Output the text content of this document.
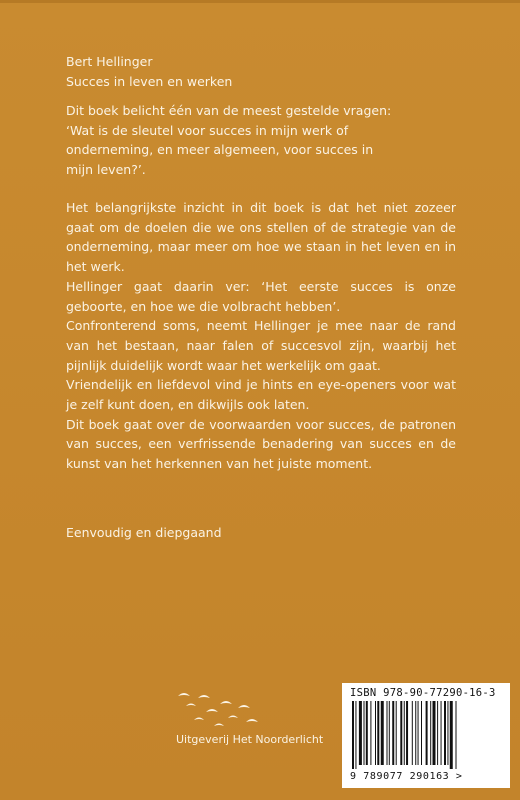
Bert Hellinger
Succes in leven en werken

Dit boek belicht één van de meest gestelde vragen:

‘Wat is de sleutel voor succes in mijn werk of

onderneming, en meer algemeen, voor succes in

mijn leven?’.

Het belangrijkste inzicht in dit boek is dat het niet zozeer gaat om de doelen die we ons stellen of de strategie van de onderneming, maar meer om hoe we staan in het leven en in het werk.

Hellinger gaat daarin ver: ‘Het eerste succes is onze geboorte, en hoe we die volbracht hebben’.

Confronterend soms, neemt Hellinger je mee naar de rand van het bestaan, naar falen of succesvol zijn, waarbij het pijnlijk duidelijk wordt waar het werkelijk om gaat.

Vriendelijk en liefdevol vind je hints en eye-openers voor wat je zelf kunt doen, en dikwijls ook laten.

Dit boek gaat over de voorwaarden voor succes, de patronen van succes, een verfrissende benadering van succes en de kunst van het herkennen van het juiste moment.

Eenvoudig en diepgaand
Uitgeverij Het Noorderlicht
ISBN 978-90-77290-16-3
9 789077 290163 >
